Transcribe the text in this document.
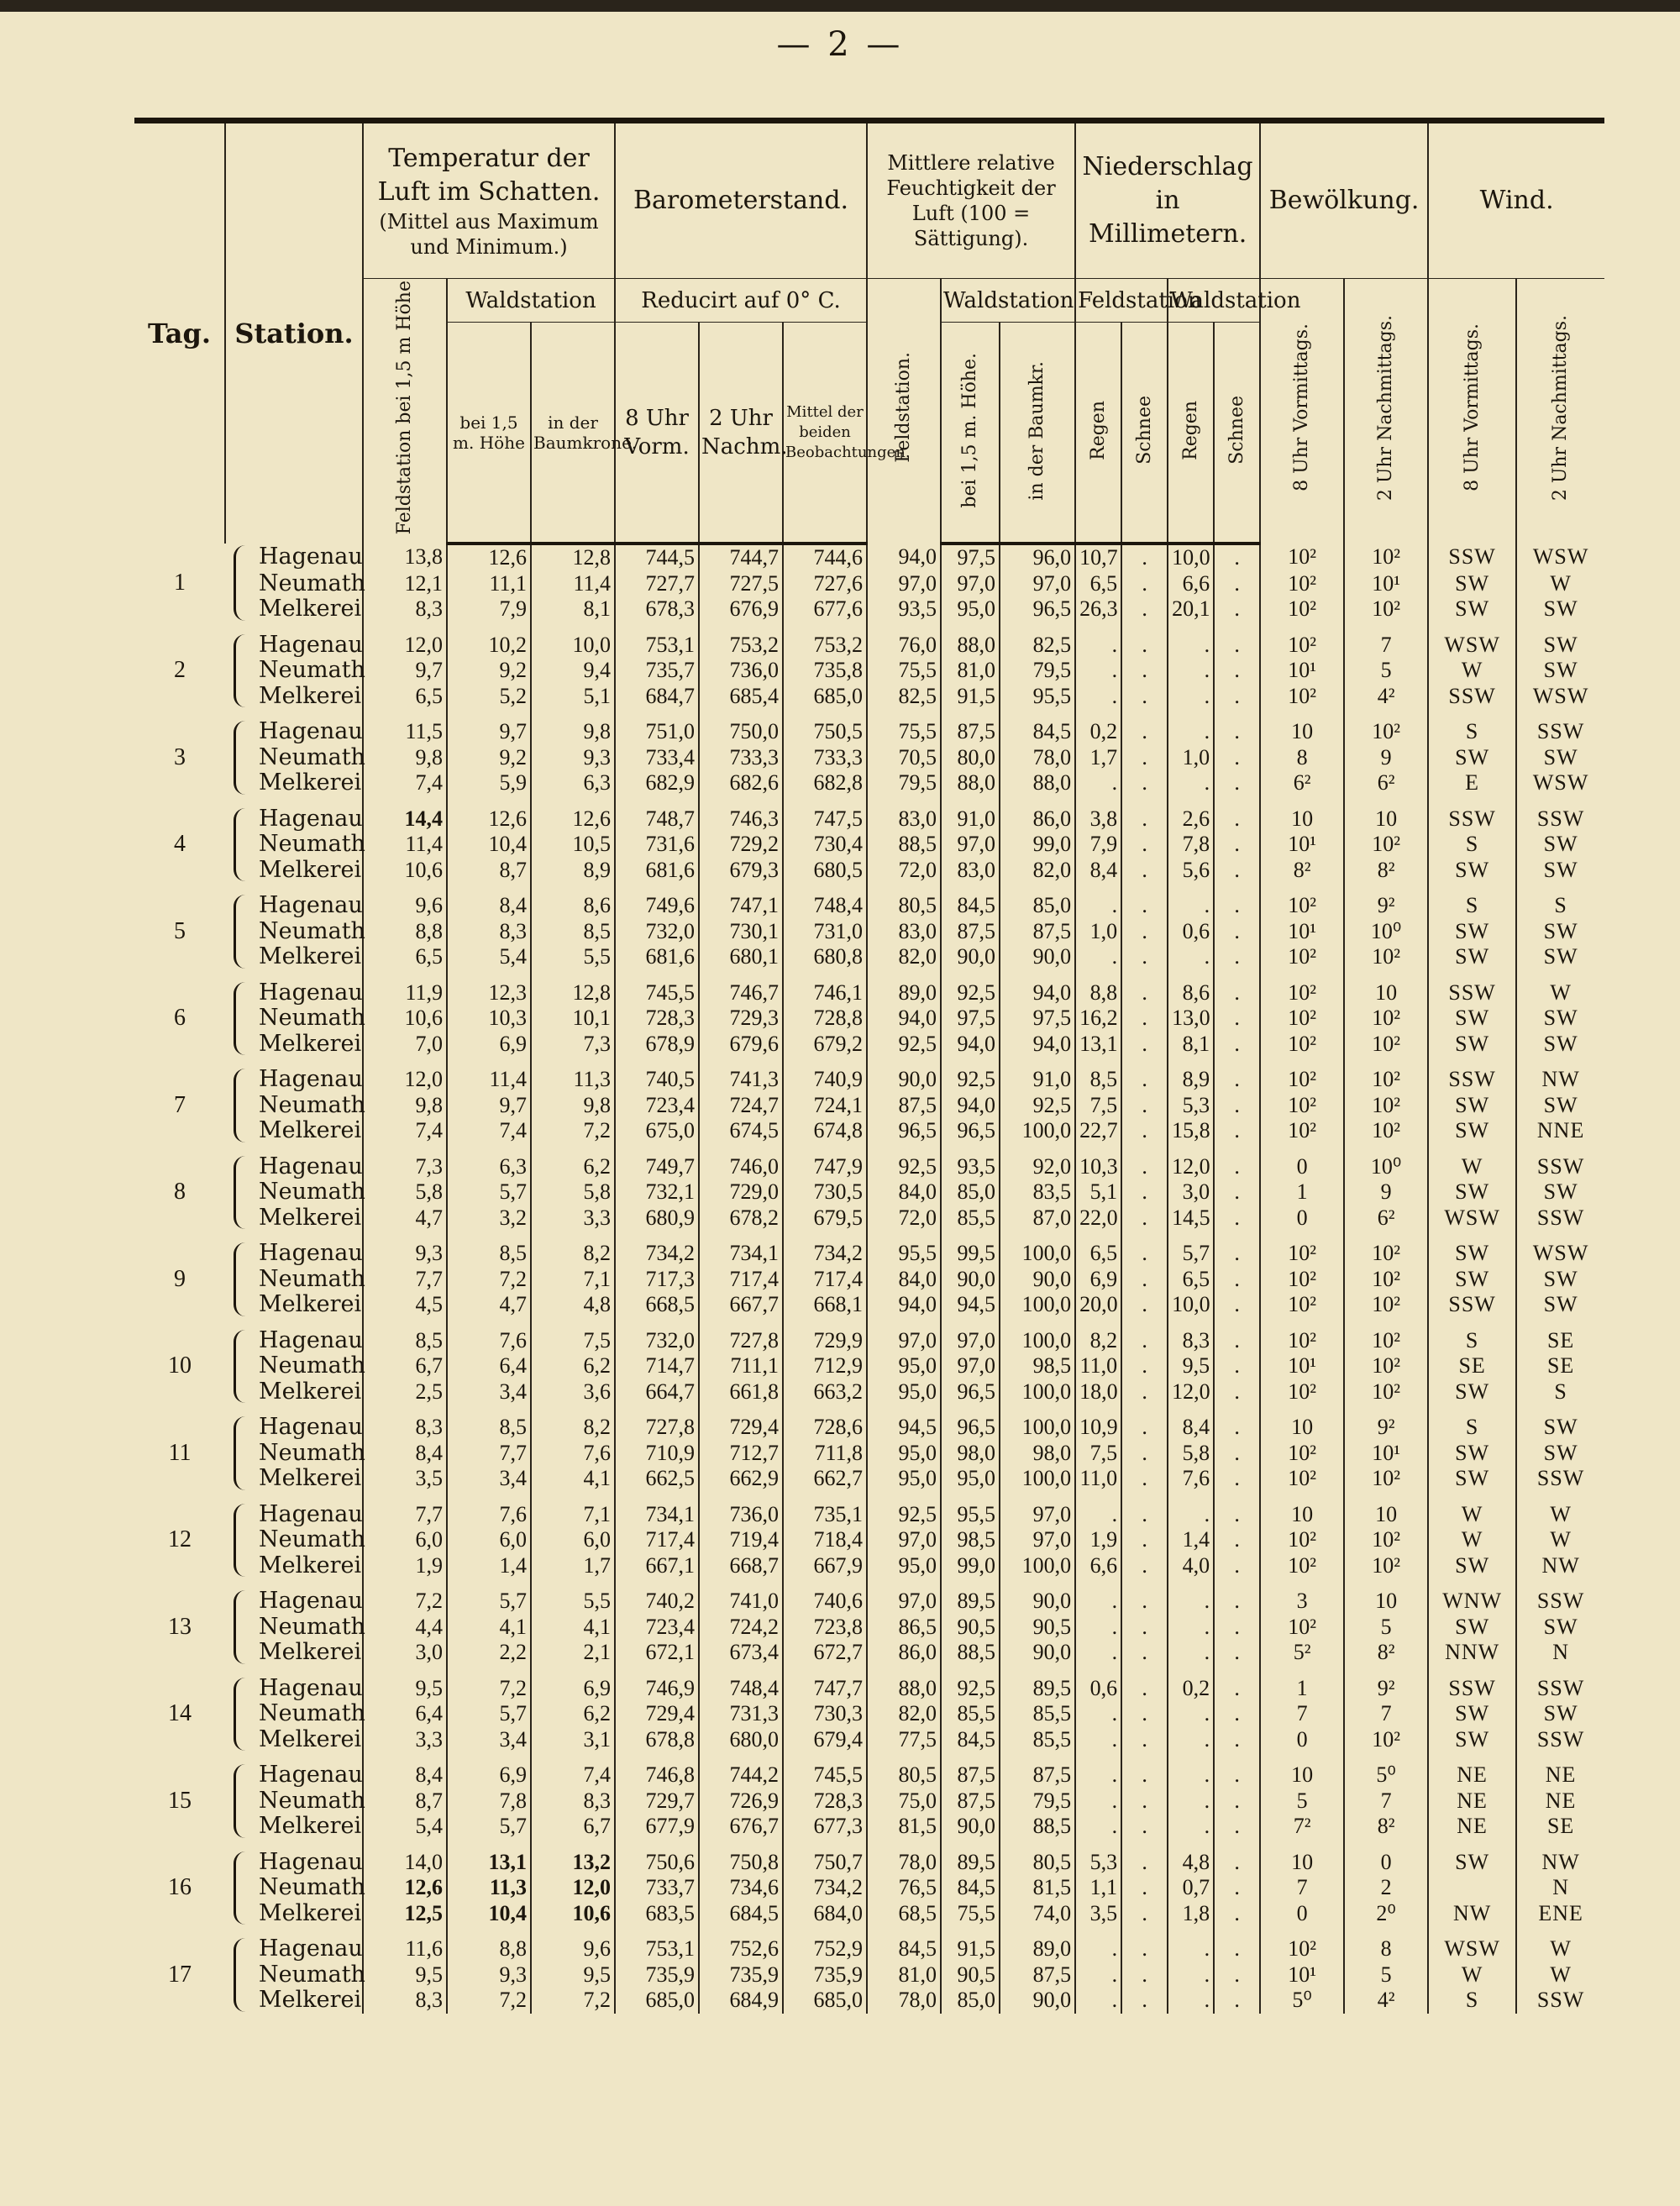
— 2 —
Tag.	Station.		Temperatur der Luft im Schatten.
(Mittel aus Maximum und Minimum.)			Barometerstand.			Mittlere relative Feuchtigkeit der Luft (100 = Sättigung).			Niederschlag in Millimetern.				Bewölkung.		Wind.	
			Feldstation bei 1,5 m Höhe	Waldstation		Reducirt auf 0° C.			Feldstation.	Waldstation		Feldstation		Waldstation		8 Uhr Vormittags.	2 Uhr Nachmittags.	8 Uhr Vormittags.	2 Uhr Nachmittags.
				bei 1,5 m. Höhe	in der Baumkrone.	8 Uhr Vorm.	2 Uhr Nachm.	Mittel der beiden Beobachtungen.		bei 1,5 m. Höhe.	in der Baumkr.	Regen	Schnee	Regen	Schnee				
1		Hagenau	13,8	12,6	12,8	744,5	744,7	744,6	94,0	97,5	96,0	10,7	.	10,0	.	10²	10²	SSW	WSW
		Neumath	12,1	11,1	11,4	727,7	727,5	727,6	97,0	97,0	97,0	6,5	.	6,6	.	10²	10¹	SW	W
		Melkerei	8,3	7,9	8,1	678,3	676,9	677,6	93,5	95,0	96,5	26,3	.	20,1	.	10²	10²	SW	SW

2		Hagenau	12,0	10,2	10,0	753,1	753,2	753,2	76,0	88,0	82,5	.	.	.	.	10²	7	WSW	SW
		Neumath	9,7	9,2	9,4	735,7	736,0	735,8	75,5	81,0	79,5	.	.	.	.	10¹	5	W	SW
		Melkerei	6,5	5,2	5,1	684,7	685,4	685,0	82,5	91,5	95,5	.	.	.	.	10²	4²	SSW	WSW

3		Hagenau	11,5	9,7	9,8	751,0	750,0	750,5	75,5	87,5	84,5	0,2	.	.	.	10	10²	S	SSW
		Neumath	9,8	9,2	9,3	733,4	733,3	733,3	70,5	80,0	78,0	1,7	.	1,0	.	8	9	SW	SW
		Melkerei	7,4	5,9	6,3	682,9	682,6	682,8	79,5	88,0	88,0	.	.	.	.	6²	6²	E	WSW

4		Hagenau	14,4	12,6	12,6	748,7	746,3	747,5	83,0	91,0	86,0	3,8	.	2,6	.	10	10	SSW	SSW
		Neumath	11,4	10,4	10,5	731,6	729,2	730,4	88,5	97,0	99,0	7,9	.	7,8	.	10¹	10²	S	SW
		Melkerei	10,6	8,7	8,9	681,6	679,3	680,5	72,0	83,0	82,0	8,4	.	5,6	.	8²	8²	SW	SW

5		Hagenau	9,6	8,4	8,6	749,6	747,1	748,4	80,5	84,5	85,0	.	.	.	.	10²	9²	S	S
		Neumath	8,8	8,3	8,5	732,0	730,1	731,0	83,0	87,5	87,5	1,0	.	0,6	.	10¹	10⁰	SW	SW
		Melkerei	6,5	5,4	5,5	681,6	680,1	680,8	82,0	90,0	90,0	.	.	.	.	10²	10²	SW	SW

6		Hagenau	11,9	12,3	12,8	745,5	746,7	746,1	89,0	92,5	94,0	8,8	.	8,6	.	10²	10	SSW	W
		Neumath	10,6	10,3	10,1	728,3	729,3	728,8	94,0	97,5	97,5	16,2	.	13,0	.	10²	10²	SW	SW
		Melkerei	7,0	6,9	7,3	678,9	679,6	679,2	92,5	94,0	94,0	13,1	.	8,1	.	10²	10²	SW	SW

7		Hagenau	12,0	11,4	11,3	740,5	741,3	740,9	90,0	92,5	91,0	8,5	.	8,9	.	10²	10²	SSW	NW
		Neumath	9,8	9,7	9,8	723,4	724,7	724,1	87,5	94,0	92,5	7,5	.	5,3	.	10²	10²	SW	SW
		Melkerei	7,4	7,4	7,2	675,0	674,5	674,8	96,5	96,5	100,0	22,7	.	15,8	.	10²	10²	SW	NNE

8		Hagenau	7,3	6,3	6,2	749,7	746,0	747,9	92,5	93,5	92,0	10,3	.	12,0	.	0	10⁰	W	SSW
		Neumath	5,8	5,7	5,8	732,1	729,0	730,5	84,0	85,0	83,5	5,1	.	3,0	.	1	9	SW	SW
		Melkerei	4,7	3,2	3,3	680,9	678,2	679,5	72,0	85,5	87,0	22,0	.	14,5	.	0	6²	WSW	SSW

9		Hagenau	9,3	8,5	8,2	734,2	734,1	734,2	95,5	99,5	100,0	6,5	.	5,7	.	10²	10²	SW	WSW
		Neumath	7,7	7,2	7,1	717,3	717,4	717,4	84,0	90,0	90,0	6,9	.	6,5	.	10²	10²	SW	SW
		Melkerei	4,5	4,7	4,8	668,5	667,7	668,1	94,0	94,5	100,0	20,0	.	10,0	.	10²	10²	SSW	SW

10		Hagenau	8,5	7,6	7,5	732,0	727,8	729,9	97,0	97,0	100,0	8,2	.	8,3	.	10²	10²	S	SE
		Neumath	6,7	6,4	6,2	714,7	711,1	712,9	95,0	97,0	98,5	11,0	.	9,5	.	10¹	10²	SE	SE
		Melkerei	2,5	3,4	3,6	664,7	661,8	663,2	95,0	96,5	100,0	18,0	.	12,0	.	10²	10²	SW	S

11		Hagenau	8,3	8,5	8,2	727,8	729,4	728,6	94,5	96,5	100,0	10,9	.	8,4	.	10	9²	S	SW
		Neumath	8,4	7,7	7,6	710,9	712,7	711,8	95,0	98,0	98,0	7,5	.	5,8	.	10²	10¹	SW	SW
		Melkerei	3,5	3,4	4,1	662,5	662,9	662,7	95,0	95,0	100,0	11,0	.	7,6	.	10²	10²	SW	SSW

12		Hagenau	7,7	7,6	7,1	734,1	736,0	735,1	92,5	95,5	97,0	.	.	.	.	10	10	W	W
		Neumath	6,0	6,0	6,0	717,4	719,4	718,4	97,0	98,5	97,0	1,9	.	1,4	.	10²	10²	W	W
		Melkerei	1,9	1,4	1,7	667,1	668,7	667,9	95,0	99,0	100,0	6,6	.	4,0	.	10²	10²	SW	NW

13		Hagenau	7,2	5,7	5,5	740,2	741,0	740,6	97,0	89,5	90,0	.	.	.	.	3	10	WNW	SSW
		Neumath	4,4	4,1	4,1	723,4	724,2	723,8	86,5	90,5	90,5	.	.	.	.	10²	5	SW	SW
		Melkerei	3,0	2,2	2,1	672,1	673,4	672,7	86,0	88,5	90,0	.	.	.	.	5²	8²	NNW	N

14		Hagenau	9,5	7,2	6,9	746,9	748,4	747,7	88,0	92,5	89,5	0,6	.	0,2	.	1	9²	SSW	SSW
		Neumath	6,4	5,7	6,2	729,4	731,3	730,3	82,0	85,5	85,5	.	.	.	.	7	7	SW	SW
		Melkerei	3,3	3,4	3,1	678,8	680,0	679,4	77,5	84,5	85,5	.	.	.	.	0	10²	SW	SSW

15		Hagenau	8,4	6,9	7,4	746,8	744,2	745,5	80,5	87,5	87,5	.	.	.	.	10	5⁰	NE	NE
		Neumath	8,7	7,8	8,3	729,7	726,9	728,3	75,0	87,5	79,5	.	.	.	.	5	7	NE	NE
		Melkerei	5,4	5,7	6,7	677,9	676,7	677,3	81,5	90,0	88,5	.	.	.	.	7²	8²	NE	SE

16		Hagenau	14,0	13,1	13,2	750,6	750,8	750,7	78,0	89,5	80,5	5,3	.	4,8	.	10	0	SW	NW
		Neumath	12,6	11,3	12,0	733,7	734,6	734,2	76,5	84,5	81,5	1,1	.	0,7	.	7	2		N
		Melkerei	12,5	10,4	10,6	683,5	684,5	684,0	68,5	75,5	74,0	3,5	.	1,8	.	0	2⁰	NW	ENE

17		Hagenau	11,6	8,8	9,6	753,1	752,6	752,9	84,5	91,5	89,0	.	.	.	.	10²	8	WSW	W
		Neumath	9,5	9,3	9,5	735,9	735,9	735,9	81,0	90,5	87,5	.	.	.	.	10¹	5	W	W
		Melkerei	8,3	7,2	7,2	685,0	684,9	685,0	78,0	85,0	90,0	.	.	.	.	5⁰	4²	S	SSW
